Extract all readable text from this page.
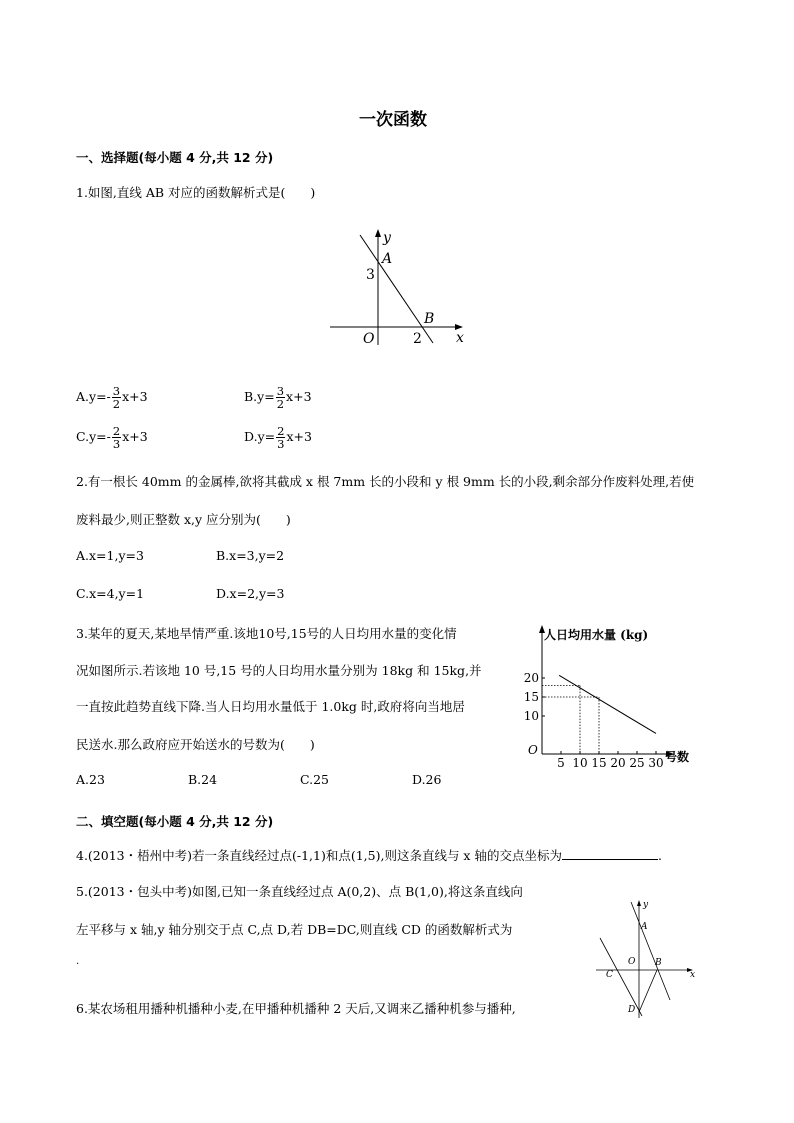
一次函数
一、选择题(每小题 4 分,共 12 分)
1.如图,直线 AB 对应的函数解析式是(　　)
y
A
3
B
O	2 x
$A.y=- \frac{3}{2} x+3$	$B.y= \frac{3}{2} x+3$
$C.y=- \frac{2}{3} x+3$	$D.y= \frac{2}{3} x+3$
2.有一根长 40mm 的金属棒,欲将其截成 x 根 7mm 长的小段和 y 根 9mm 长的小段,剩余部分作废料处理,若使
废料最少,则正整数 x,y 应分别为(　　)
A.x=1,y=3	B.x=3,y=2
C.x=4,y=1	D.x=2,y=3
3.某年的夏天,某地旱情严重.该地10号,15号的人日均用水量的变化情
况如图所示.若该地 10 号,15 号的人日均用水量分别为 18kg 和 15kg,并
一直按此趋势直线下降.当人日均用水量低于 1.0kg 时,政府将向当地居
民送水.那么政府应开始送水的号数为(　　)
A.23	B.24	C.25	D.26
人日均用水量 (kg)
O	号数
5 10 15 20 25 30
20
15
10
二、填空题(每小题 4 分,共 12 分)
4.(2013・梧州中考)若一条直线经过点(-1,1)和点(1,5),则这条直线与 x 轴的交点坐标为	.
5.(2013・包头中考)如图,已知一条直线经过点 A(0,2)、点 B(1,0),将这条直线向
左平移与 x 轴,y 轴分别交于点 C,点 D,若 DB=DC,则直线 CD 的函数解析式为
.
y
A
O B
C	x
D
6.某农场租用播种机播种小麦,在甲播种机播种 2 天后,又调来乙播种机参与播种,
